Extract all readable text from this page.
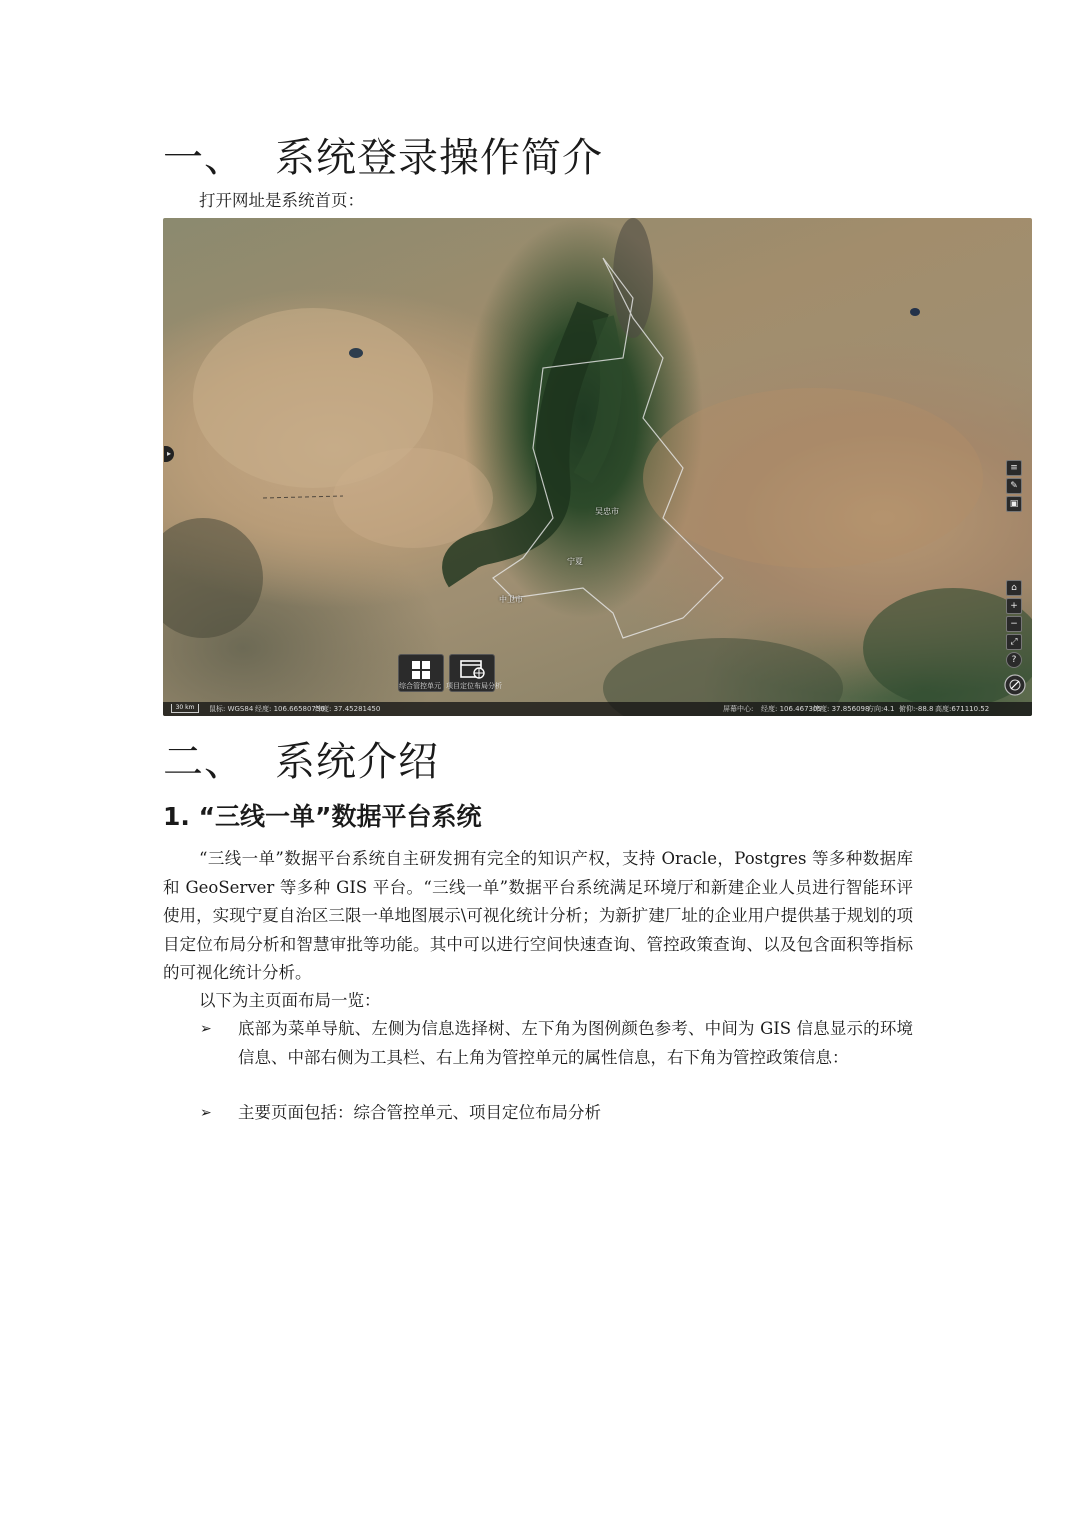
一、 系统登录操作简介
打开网址是系统首页：
▸
吴忠市
宁夏
中卫市
综合管控单元 项目定位布局分析
≡
✎
▣
⌂
+
−
⤢
?
30 km	鼠标: WGS84 经度: 106.66580756
纬度: 37.45281450	屏幕中心: 经度: 106.467305
纬度: 37.856098
方向:4.1 俯仰:-88.8 高度:671110.52
二、 系统介绍
1. “三线一单”数据平台系统
“三线一单”数据平台系统自主研发拥有完全的知识产权，支持 Oracle，Postgres 等多种数据库和 GeoServer 等多种 GIS 平台。“三线一单”数据平台系统满足环境厅和新建企业人员进行智能环评使用，实现宁夏自治区三限一单地图展示\可视化统计分析；为新扩建厂址的企业用户提供基于规划的项目定位布局分析和智慧审批等功能。其中可以进行空间快速查询、管控政策查询、以及包含面积等指标的可视化统计分析。
以下为主页面布局一览：
➢ 底部为菜单导航、左侧为信息选择树、左下角为图例颜色参考、中间为 GIS 信息显示的环境信息、中部右侧为工具栏、右上角为管控单元的属性信息，右下角为管控政策信息：
➢ 主要页面包括：综合管控单元、项目定位布局分析
